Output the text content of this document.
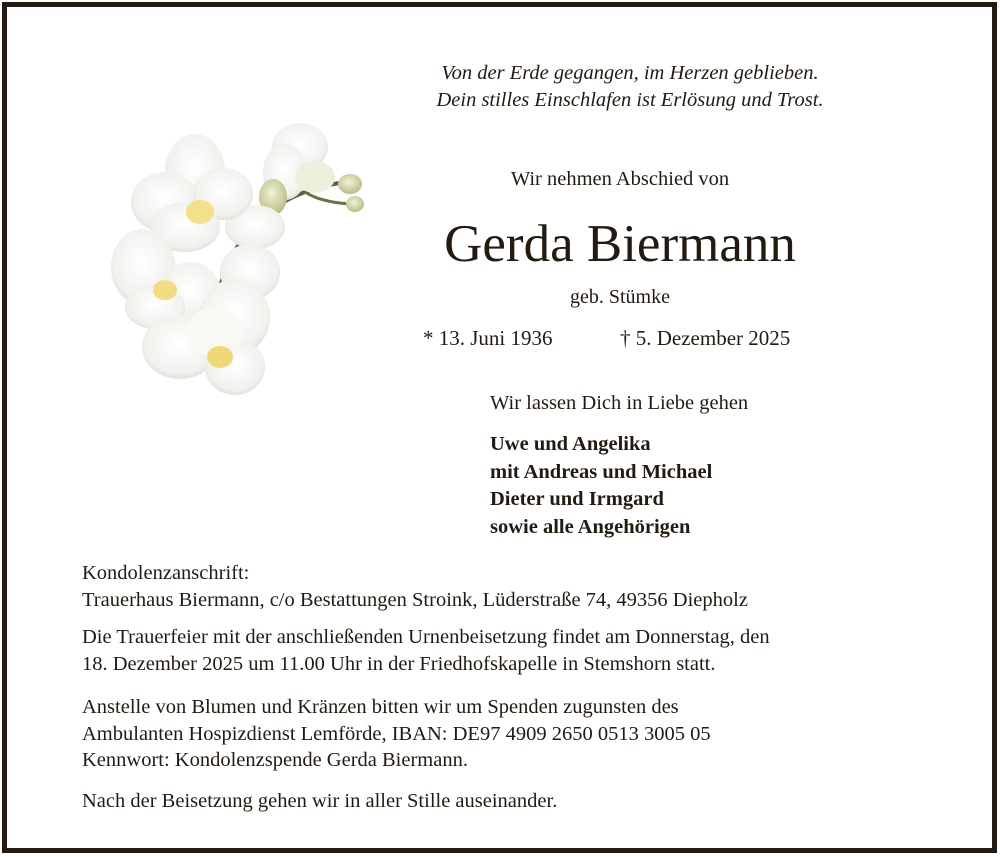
Von der Erde gegangen, im Herzen geblieben.
Dein stilles Einschlafen ist Erlösung und Trost.
Wir nehmen Abschied von
Gerda Biermann
geb. Stümke
* 13. Juni 1936	† 5. Dezember 2025
Wir lassen Dich in Liebe gehen
Uwe und Angelika
mit Andreas und Michael
Dieter und Irmgard
sowie alle Angehörigen
Kondolenzanschrift:
Trauerhaus Biermann, c/o Bestattungen Stroink, Lüderstraße 74, 49356 Diepholz
Die Trauerfeier mit der anschließenden Urnenbeisetzung findet am Donnerstag, den
18. Dezember 2025 um 11.00 Uhr in der Friedhofskapelle in Stemshorn statt.
Anstelle von Blumen und Kränzen bitten wir um Spenden zugunsten des
Ambulanten Hospizdienst Lemförde, IBAN: DE97 4909 2650 0513 3005 05
Kennwort: Kondolenzspende Gerda Biermann.
Nach der Beisetzung gehen wir in aller Stille auseinander.
